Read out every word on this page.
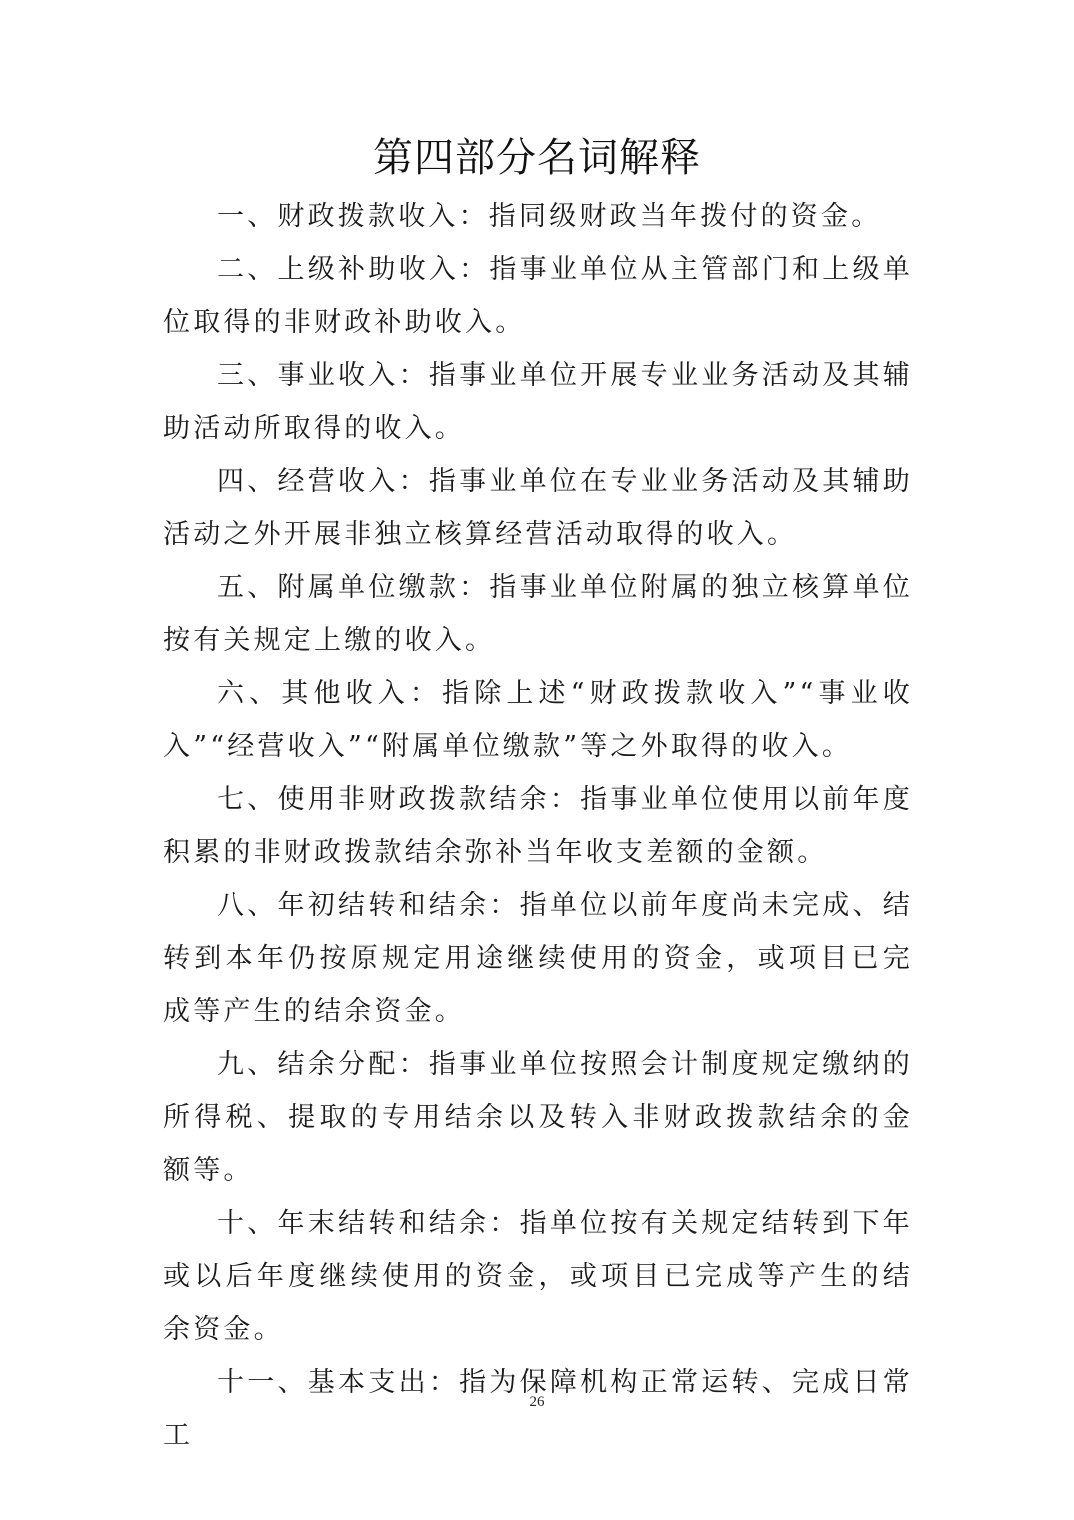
第四部分名词解释

一、财政拨款收入：指同级财政当年拨付的资金。

二、上级补助收入：指事业单位从主管部门和上级单位取得的非财政补助收入。

三、事业收入：指事业单位开展专业业务活动及其辅助活动所取得的收入。

四、经营收入：指事业单位在专业业务活动及其辅助活动之外开展非独立核算经营活动取得的收入。

五、附属单位缴款：指事业单位附属的独立核算单位按有关规定上缴的收入。

六、其他收入：指除上述“财政拨款收入”“事业收入”“经营收入”“附属单位缴款”等之外取得的收入。

七、使用非财政拨款结余：指事业单位使用以前年度积累的非财政拨款结余弥补当年收支差额的金额。

八、年初结转和结余：指单位以前年度尚未完成、结转到本年仍按原规定用途继续使用的资金，或项目已完成等产生的结余资金。

九、结余分配：指事业单位按照会计制度规定缴纳的所得税、提取的专用结余以及转入非财政拨款结余的金额等。

十、年末结转和结余：指单位按有关规定结转到下年或以后年度继续使用的资金，或项目已完成等产生的结余资金。

十一、基本支出：指为保障机构正常运转、完成日常工

26
